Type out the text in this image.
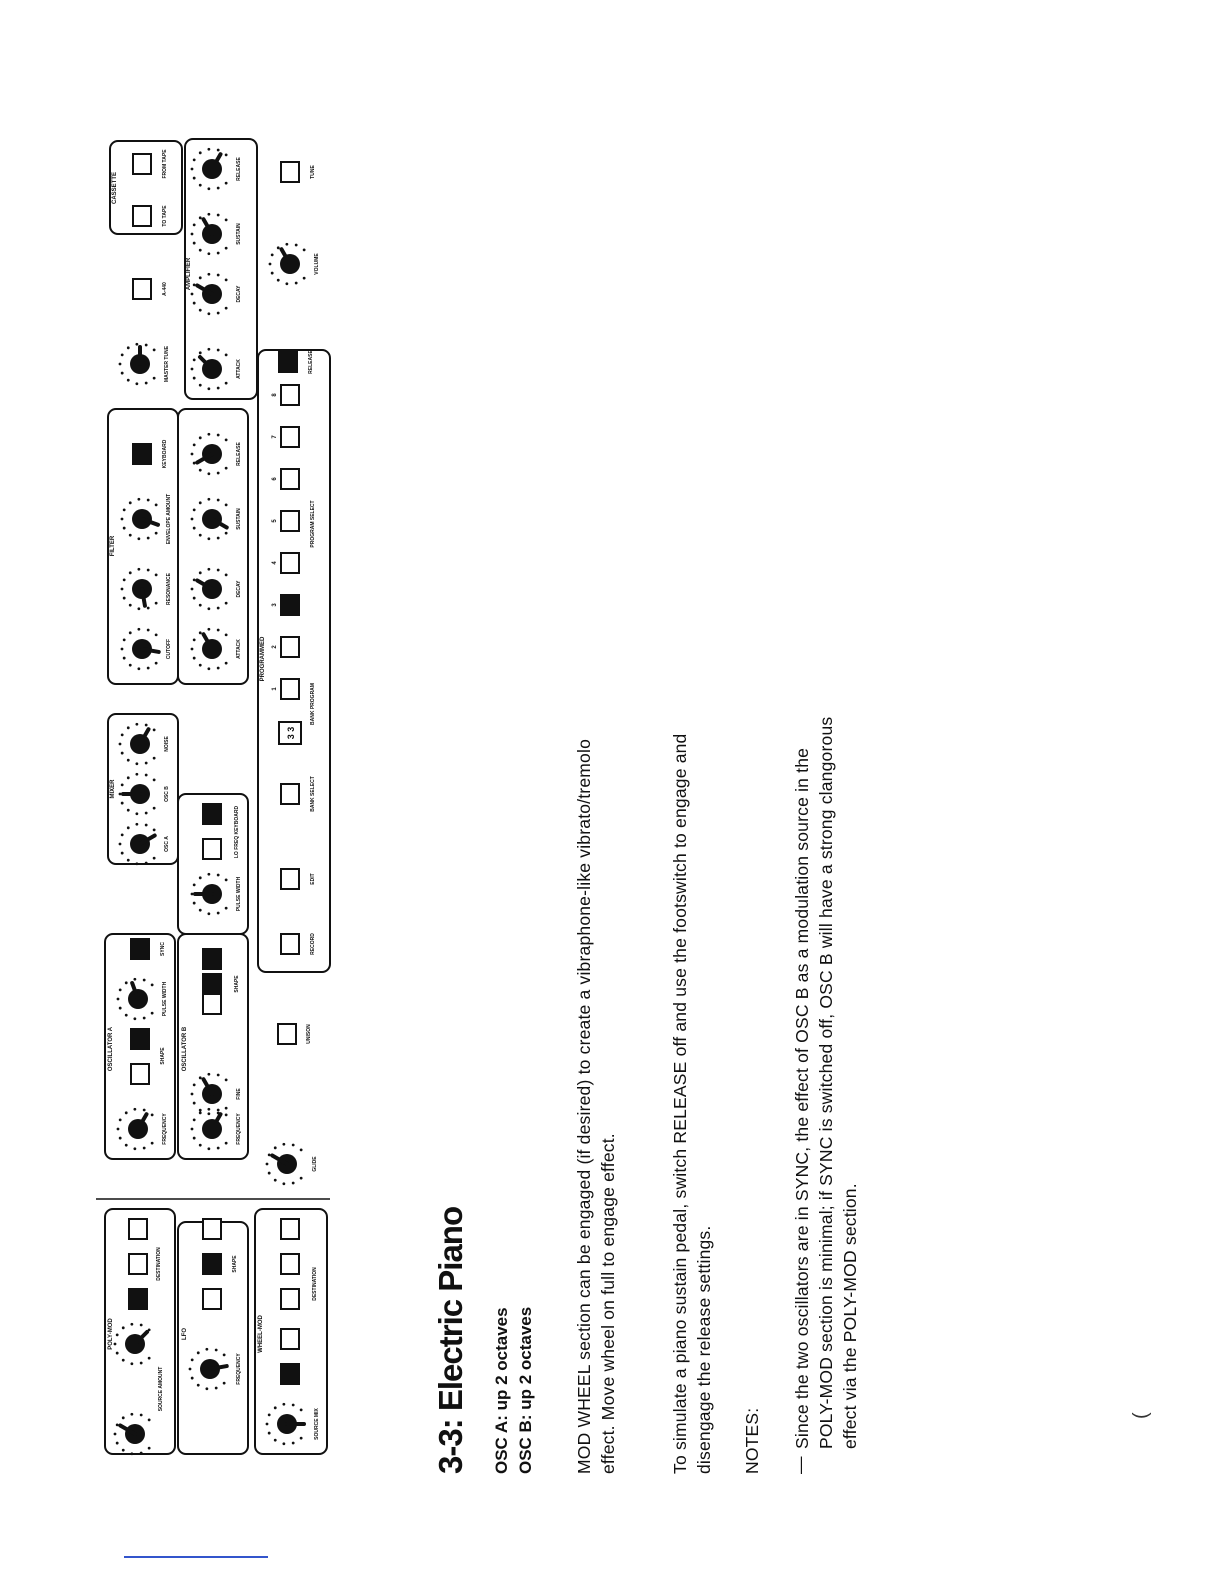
POLY-MOD	LFO	WHEEL-MOD
OSCILLATOR A	OSCILLATOR B
MIXER
FILTER
AMPLIFIER
PROGRAMMED
CASSETTE
SOURCE AMOUNT
DESTINATION
FREQUENCY
SHAPE
SOURCE MIX
DESTINATION
FREQUENCY
SHAPE
PULSE WIDTH
SYNC
FREQUENCY
FINE
SHAPE
PULSE WIDTH
LO FREQ KEYBOARD
GLIDE
UNISON
OSC A
OSC B
NOISE
CUTOFF
RESONANCE
ENVELOPE AMOUNT
KEYBOARD
ATTACK
DECAY
SUSTAIN
RELEASE
RECORD
EDIT
BANK SELECT
3 3
BANK PROGRAM
1
2
3
4
5
6
7
8
PROGRAM SELECT
MASTER TUNE
A-440
TO TAPE
FROM TAPE
ATTACK
DECAY
SUSTAIN
RELEASE
RELEASE
VOLUME
TUNE
3-3: Electric Piano OSC A: up 2 octaves OSC B: up 2 octaves MOD WHEEL section can be engaged (if desired) to create a vibraphone-like vibrato/tremolo effect. Move wheel on full to engage effect.	To simulate a piano sustain pedal, switch RELEASE off and use the footswitch to engage and disengage the release settings. NOTES: —
Since the two oscillators are in SYNC, the effect of OSC B as a modulation source in the POLY-MOD section is minimal; if SYNC is switched off, OSC B will have a strong clangorous effect via the POLY-MOD section.	(
